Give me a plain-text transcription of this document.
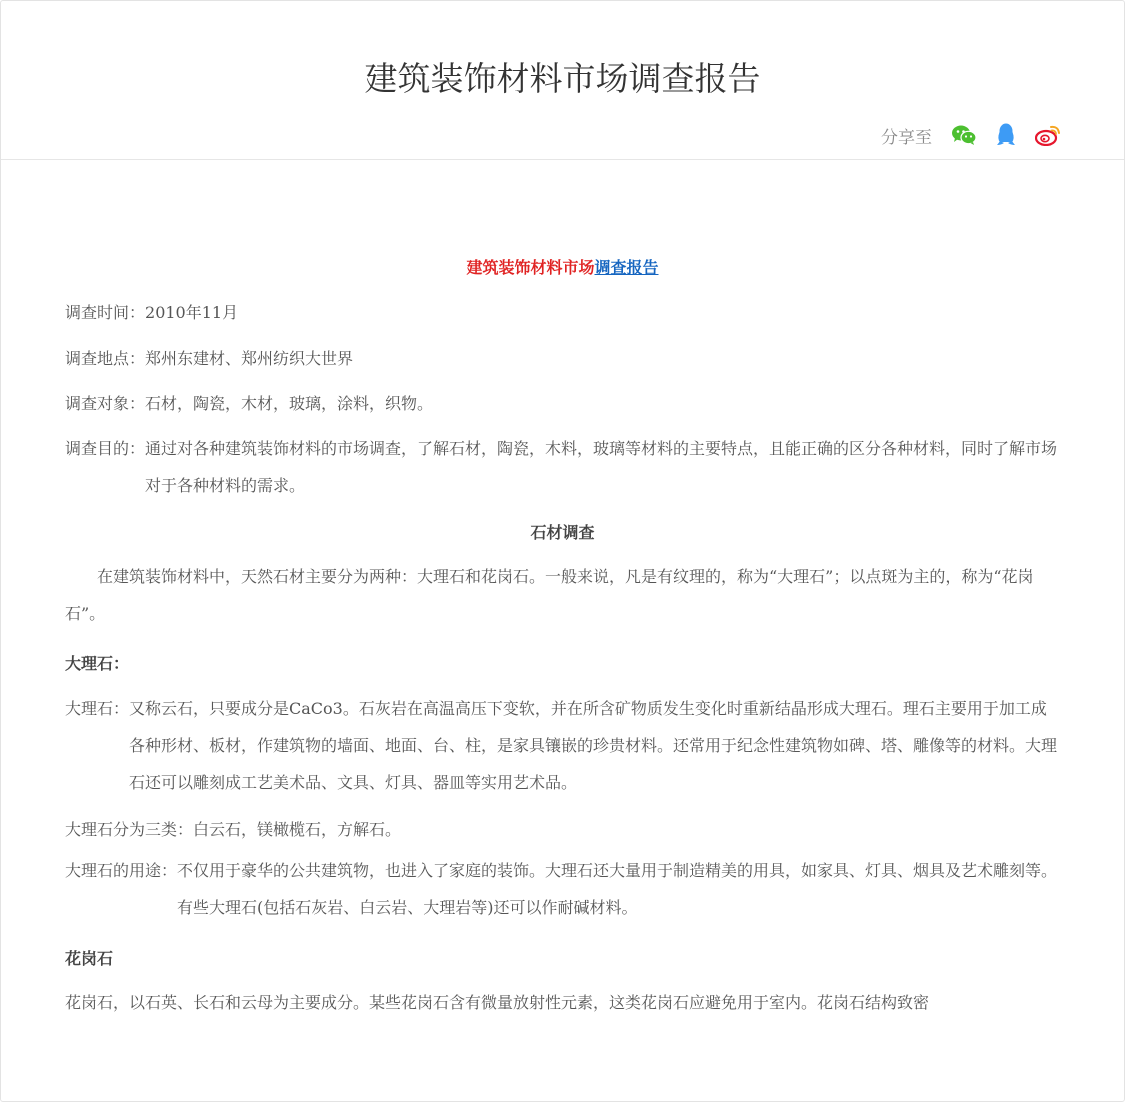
建筑装饰材料市场调查报告
分享至
建筑装饰材料市场调查报告
调查时间：2010年11月
调查地点：郑州东建材、郑州纺织大世界
调查对象：石材，陶瓷，木材，玻璃，涂料，织物。
调查目的： 通过对各种建筑装饰材料的市场调查，了解石材，陶瓷，木料，玻璃等材料的主要特点，且能正确的区分各种材料，同时了解市场对于各种材料的需求。
石材调查
在建筑装饰材料中，天然石材主要分为两种：大理石和花岗石。一般来说，凡是有纹理的，称为“大理石”；以点斑为主的，称为“花岗石”。
大理石：
大理石： 又称云石，只要成分是CaCo3。石灰岩在高温高压下变软，并在所含矿物质发生变化时重新结晶形成大理石。理石主要用于加工成各种形材、板材，作建筑物的墙面、地面、台、柱，是家具镶嵌的珍贵材料。还常用于纪念性建筑物如碑、塔、雕像等的材料。大理石还可以雕刻成工艺美术品、文具、灯具、器皿等实用艺术品。
大理石分为三类：白云石，镁橄榄石，方解石。
大理石的用途： 不仅用于豪华的公共建筑物，也进入了家庭的装饰。大理石还大量用于制造精美的用具，如家具、灯具、烟具及艺术雕刻等。有些大理石(包括石灰岩、白云岩、大理岩等)还可以作耐碱材料。
花岗石
花岗石，以石英、长石和云母为主要成分。某些花岗石含有微量放射性元素，这类花岗石应避免用于室内。花岗石结构致密
